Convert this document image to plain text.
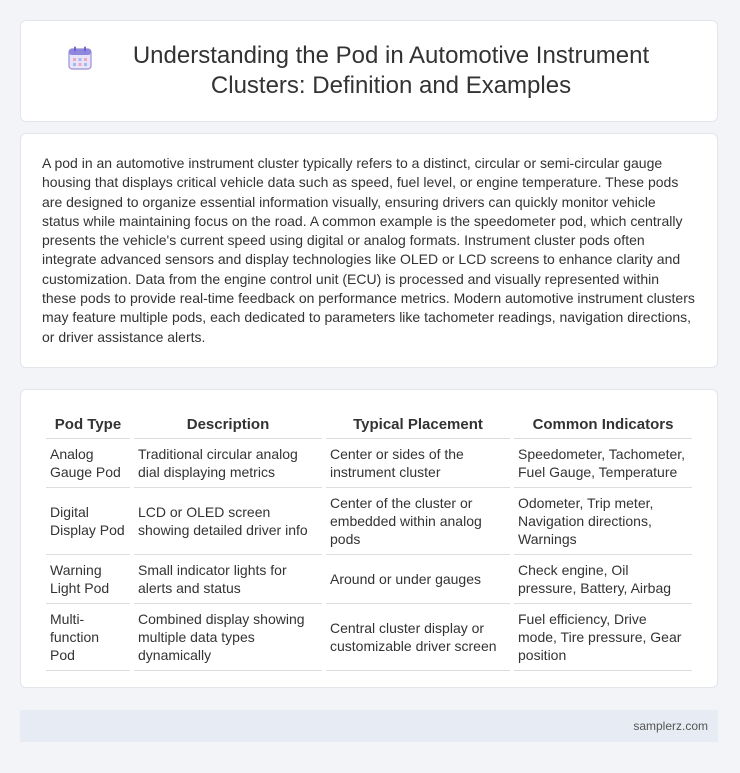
Understanding the Pod in Automotive Instrument Clusters: Definition and Examples

A pod in an automotive instrument cluster typically refers to a distinct, circular or semi-circular gauge housing that displays critical vehicle data such as speed, fuel level, or engine temperature. These pods are designed to organize essential information visually, ensuring drivers can quickly monitor vehicle status while maintaining focus on the road. A common example is the speedometer pod, which centrally presents the vehicle's current speed using digital or analog formats. Instrument cluster pods often integrate advanced sensors and display technologies like OLED or LCD screens to enhance clarity and customization. Data from the engine control unit (ECU) is processed and visually represented within these pods to provide real-time feedback on performance metrics. Modern automotive instrument clusters may feature multiple pods, each dedicated to parameters like tachometer readings, navigation directions, or driver assistance alerts.

Pod Type	Description	Typical Placement	Common Indicators
Analog Gauge Pod	Traditional circular analog dial displaying metrics	Center or sides of the instrument cluster	Speedometer, Tachometer, Fuel Gauge, Temperature
Digital Display Pod	LCD or OLED screen showing detailed driver info	Center of the cluster or embedded within analog pods	Odometer, Trip meter, Navigation directions, Warnings
Warning Light Pod	Small indicator lights for alerts and status	Around or under gauges	Check engine, Oil pressure, Battery, Airbag
Multi-function Pod	Combined display showing multiple data types dynamically	Central cluster display or customizable driver screen	Fuel efficiency, Drive mode, Tire pressure, Gear position
samplerz.com
